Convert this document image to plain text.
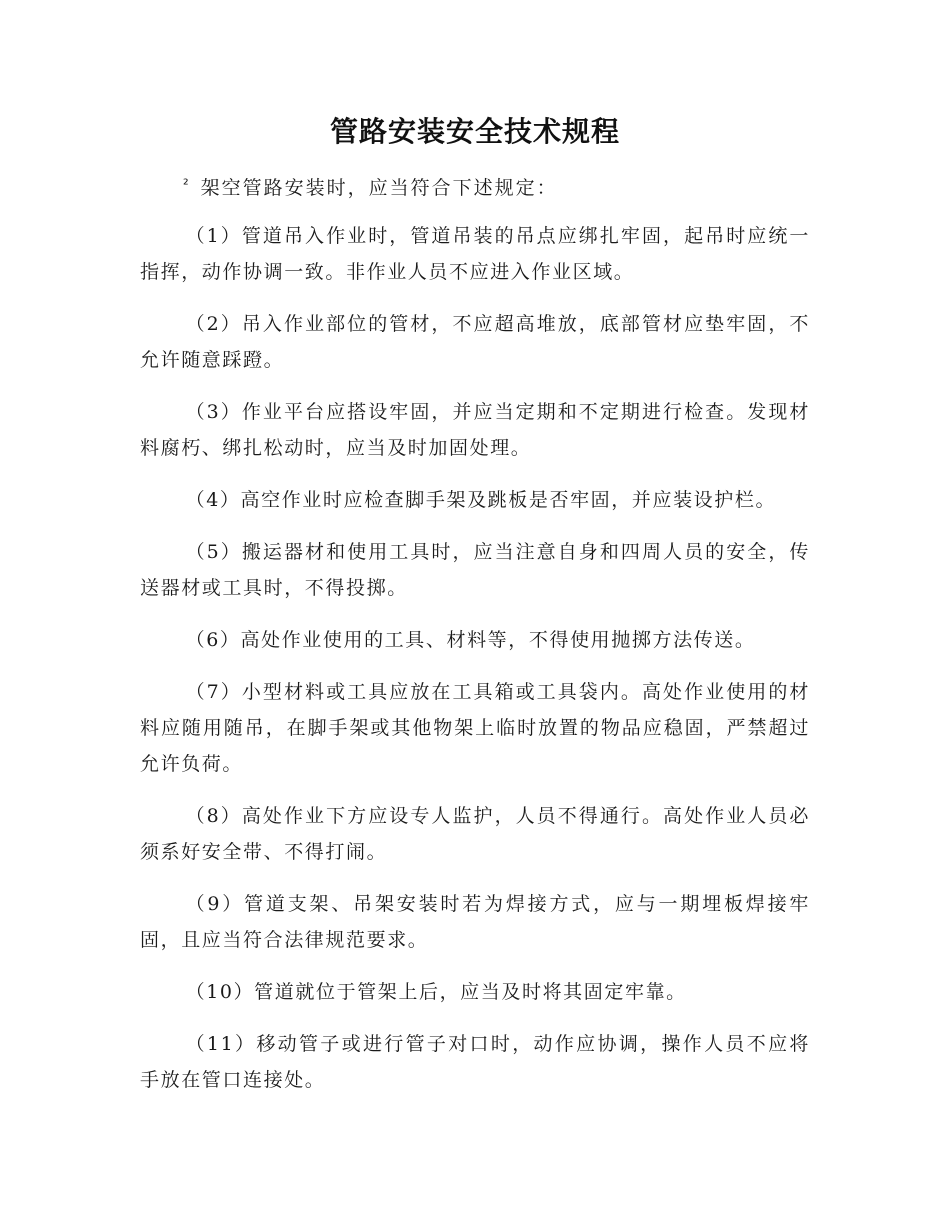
管路安装安全技术规程
$^{^2}$ 架空管路安装时，应当符合下述规定：

（1）管道吊入作业时，管道吊装的吊点应绑扎牢固，起吊时应统一指挥，动作协调一致。非作业人员不应进入作业区域。

（2）吊入作业部位的管材，不应超高堆放，底部管材应垫牢固，不允许随意踩蹬。

（3）作业平台应搭设牢固，并应当定期和不定期进行检查。发现材料腐朽、绑扎松动时，应当及时加固处理。

（4）高空作业时应检查脚手架及跳板是否牢固，并应装设护栏。

（5）搬运器材和使用工具时，应当注意自身和四周人员的安全，传送器材或工具时，不得投掷。

（6）高处作业使用的工具、材料等，不得使用抛掷方法传送。

（7）小型材料或工具应放在工具箱或工具袋内。高处作业使用的材料应随用随吊，在脚手架或其他物架上临时放置的物品应稳固，严禁超过允许负荷。

（8）高处作业下方应设专人监护，人员不得通行。高处作业人员必须系好安全带、不得打闹。

（9）管道支架、吊架安装时若为焊接方式，应与一期埋板焊接牢固，且应当符合法律规范要求。

（10）管道就位于管架上后，应当及时将其固定牢靠。

（11）移动管子或进行管子对口时，动作应协调，操作人员不应将手放在管口连接处。
